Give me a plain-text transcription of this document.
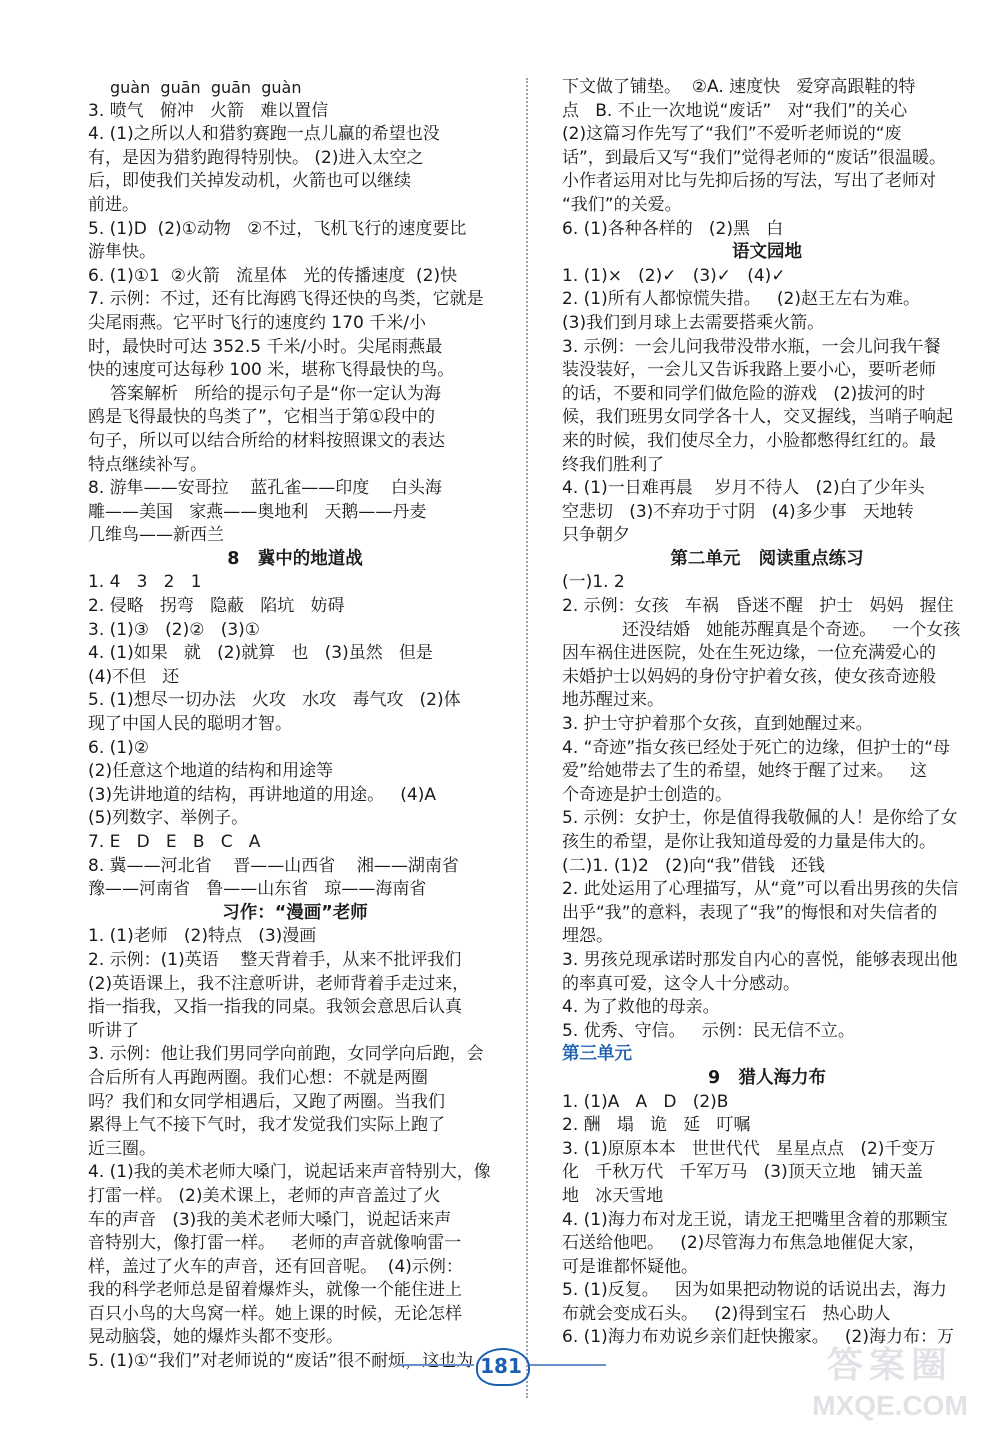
guàn  guān  guān  guàn
3. 喷气   俯冲   火箭   难以置信
4. (1)之所以人和猎豹赛跑一点儿赢的希望也没
有，是因为猎豹跑得特别快。 (2)进入太空之
后，即使我们关掉发动机，火箭也可以继续
前进。
5. (1)D  (2)①动物   ②不过，飞机飞行的速度要比
游隼快。
6. (1)①1  ②火箭   流星体   光的传播速度  (2)快
7. 示例：不过，还有比海鸥飞得还快的鸟类，它就是
尖尾雨燕。它平时飞行的速度约 170 千米/小
时，最快时可达 352.5 千米/小时。尖尾雨燕最
快的速度可达每秒 100 米，堪称飞得最快的鸟。
答案解析   所给的提示句子是“你一定认为海
鸥是飞得最快的鸟类了”，它相当于第①段中的
句子，所以可以结合所给的材料按照课文的表达
特点继续补写。
8. 游隼——安哥拉    蓝孔雀——印度    白头海
雕——美国   家燕——奥地利   天鹅——丹麦
几维鸟——新西兰
8   冀中的地道战
1. 4   3   2   1
2. 侵略   拐弯   隐蔽   陷坑   妨碍
3. (1)③   (2)②   (3)①
4. (1)如果   就   (2)就算   也   (3)虽然   但是
(4)不但   还
5. (1)想尽一切办法   火攻   水攻   毒气攻   (2)体
现了中国人民的聪明才智。
6. (1)②
(2)任意这个地道的结构和用途等
(3)先讲地道的结构，再讲地道的用途。   (4)A
(5)列数字、举例子。
7. E   D   E   B   C   A
8. 冀——河北省    晋——山西省    湘——湖南省
豫——河南省   鲁——山东省   琼——海南省
习作：“漫画”老师
1. (1)老师   (2)特点   (3)漫画
2. 示例：(1)英语    整天背着手，从来不批评我们
(2)英语课上，我不注意听讲，老师背着手走过来，
指一指我，又指一指我的同桌。我领会意思后认真
听讲了
3. 示例：他让我们男同学向前跑，女同学向后跑，会
合后所有人再跑两圈。我们心想：不就是两圈
吗？我们和女同学相遇后，又跑了两圈。当我们
累得上气不接下气时，我才发觉我们实际上跑了
近三圈。
4. (1)我的美术老师大嗓门，说起话来声音特别大，像
打雷一样。 (2)美术课上，老师的声音盖过了火
车的声音   (3)我的美术老师大嗓门，说起话来声
音特别大，像打雷一样。   老师的声音就像响雷一
样，盖过了火车的声音，还有回音呢。  (4)示例：
我的科学老师总是留着爆炸头，就像一个能住进上
百只小鸟的大鸟窝一样。她上课的时候，无论怎样
晃动脑袋，她的爆炸头都不变形。
5. (1)①“我们”对老师说的“废话”很不耐烦，这也为
下文做了铺垫。  ②A. 速度快   爱穿高跟鞋的特
点   B. 不止一次地说“废话”   对“我们”的关心
(2)这篇习作先写了“我们”不爱听老师说的“废
话”，到最后又写“我们”觉得老师的“废话”很温暖。
小作者运用对比与先抑后扬的写法，写出了老师对
“我们”的关爱。
6. (1)各种各样的   (2)黑   白
语文园地
1. (1)×   (2)✓   (3)✓   (4)✓
2. (1)所有人都惊慌失措。   (2)赵王左右为难。
(3)我们到月球上去需要搭乘火箭。
3. 示例：一会儿问我带没带水瓶，一会儿问我午餐
装没装好，一会儿又告诉我路上要小心，要听老师
的话，不要和同学们做危险的游戏   (2)拔河的时
候，我们班男女同学各十人，交叉握线，当哨子响起
来的时候，我们使尽全力，小脸都憋得红红的。最
终我们胜利了
4. (1)一日难再晨    岁月不待人   (2)白了少年头
空悲切   (3)不弃功于寸阴   (4)多少事   天地转
只争朝夕
第二单元   阅读重点练习
(一)1. 2
2. 示例：女孩   车祸   昏迷不醒   护士   妈妈   握住
还没结婚   她能苏醒真是个奇迹。   一个女孩
因车祸住进医院，处在生死边缘，一位充满爱心的
未婚护士以妈妈的身份守护着女孩，使女孩奇迹般
地苏醒过来。
3. 护士守护着那个女孩，直到她醒过来。
4. “奇迹”指女孩已经处于死亡的边缘，但护士的“母
爱”给她带去了生的希望，她终于醒了过来。   这
个奇迹是护士创造的。
5. 示例：女护士，你是值得我敬佩的人！是你给了女
孩生的希望，是你让我知道母爱的力量是伟大的。
(二)1. (1)2   (2)向“我”借钱   还钱
2. 此处运用了心理描写，从“竟”可以看出男孩的失信
出乎“我”的意料，表现了“我”的悔恨和对失信者的
埋怨。
3. 男孩兑现承诺时那发自内心的喜悦，能够表现出他
的率真可爱，这令人十分感动。
4. 为了救他的母亲。
5. 优秀、守信。   示例：民无信不立。
第三单元
9   猎人海力布
1. (1)A   A   D   (2)B
2. 酬   塌   诡   延   叮嘱
3. (1)原原本本   世世代代   星星点点   (2)千变万
化   千秋万代   千军万马   (3)顶天立地   铺天盖
地   冰天雪地
4. (1)海力布对龙王说，请龙王把嘴里含着的那颗宝
石送给他吧。   (2)尽管海力布焦急地催促大家，
可是谁都怀疑他。
5. (1)反复。   因为如果把动物说的话说出去，海力
布就会变成石头。   (2)得到宝石   热心助人
6. (1)海力布劝说乡亲们赶快搬家。   (2)海力布：万
181	答案圈
MXQE.COM
